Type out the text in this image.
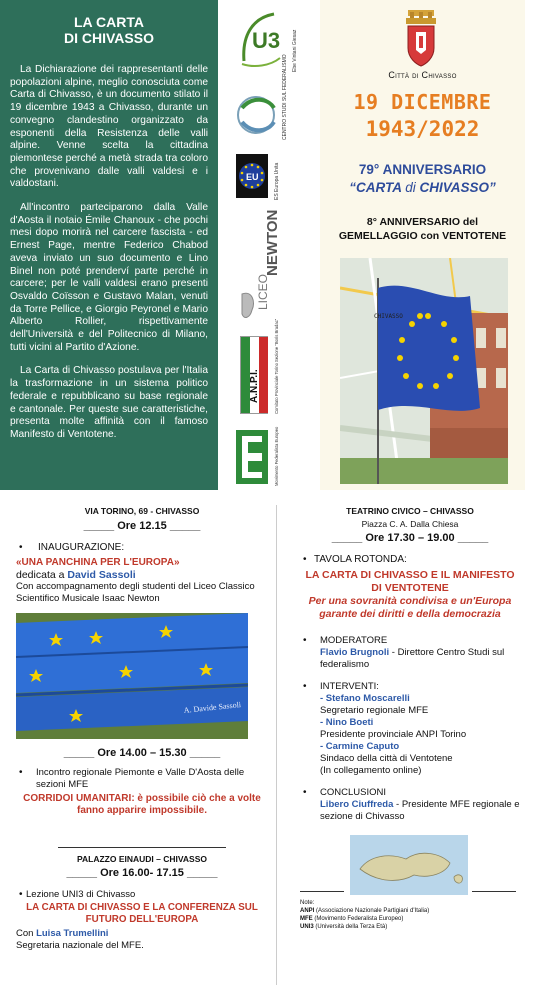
LA CARTA
DI CHIVASSO

La Dichiarazione dei rappresentanti delle popolazioni alpine, meglio conosciuta come Carta di Chivasso, è un documento stilato il 19 dicembre 1943 a Chivasso, durante un convegno clandestino organizzato da esponenti della Resistenza delle valli alpine. Venne scelta la cittadina piemontese perché a metà strada tra coloro che provenivano dalle valli valdesi e i valdostani.

All'incontro parteciparono dalla Valle d'Aosta il notaio Émile Chanoux - che pochi mesi dopo morirà nel carcere fascista - ed Ernest Page, mentre Federico Chabod aveva inviato un suo documento e Lino Binel non poté prenderví parte perché in carcere; per le valli valdesi erano presenti Osvaldo Coïsson e Gustavo Malan, venuti da Torre Pellice, e Giorgio Peyronel e Mario Alberto Rollier, rispettivamente dell'Università e del Politecnico di Milano, tutti vicini al Partito d'Azione.

La Carta di Chivasso postulava per l'Italia la trasformazione in un sistema politico federale e repubblicano su base regionale e cantonale. Per queste sue caratteristiche, presenta molte affinità con il famoso Manifesto di Ventotene.

U3 Ebe Vintani Giesaz
CENTRO STUDI SUL FEDERALISMO
EU	ES Europa Unita
NEWTON
LICEO
A.N.P.I.	Comitato Provinciale Torino Sezione "Boris Bradac"
Movimento Federalista Europeo
Città di Chivasso
19 DICEMBRE
1943/2022
79° ANNIVERSARIO
“CARTA di CHIVASSO”
8° ANNIVERSARIO del
GEMELLAGGIO con VENTOTENE
CHIVASSO
VIA TORINO, 69 - CHIVASSO
_____ Ore 12.15 _____
• INAUGURAZIONE:
«UNA PANCHINA PER L'EUROPA»
dedicata a David Sassoli
Con accompagnamento degli studenti del Liceo Classico Scientifico Musicale Isaac Newton
A. Davide Sassoli
_____ Ore 14.00 – 15.30 _____
• Incontro regionale Piemonte e Valle D'Aosta delle sezioni MFE
CORRIDOI UMANITARI: è possibile ciò che a volte fanno apparire impossibile.
PALAZZO EINAUDI – CHIVASSO
_____ Ore 16.00- 17.15 _____
• Lezione UNI3 di Chivasso
LA CARTA DI CHIVASSO E LA CONFERENZA SUL FUTURO DELL'EUROPA
Con Luisa Trumellini
Segretaria nazionale del MFE.
TEATRINO CIVICO – CHIVASSO
Piazza C. A. Dalla Chiesa
_____ Ore 17.30 – 19.00 _____
• TAVOLA ROTONDA:
LA CARTA DI CHIVASSO E IL MANIFESTO DI VENTOTENE
Per una sovranità condivisa e un'Europa garante dei diritti e della democrazia
• MODERATORE
Flavio Brugnoli - Direttore Centro Studi sul federalismo
• INTERVENTI:
- Stefano Moscarelli
Segretario regionale MFE
- Nino Boeti
Presidente provinciale ANPI Torino
- Carmine Caputo
Sindaco della città di Ventotene
(In collegamento online)
• CONCLUSIONI
Libero Ciuffreda - Presidente MFE regionale e sezione di Chivasso
Note:
ANPI (Associazione Nazionale Partigiani d'Italia)
MFE (Movimento Federalista Europeo)
UNI3 (Università della Terza Età)
